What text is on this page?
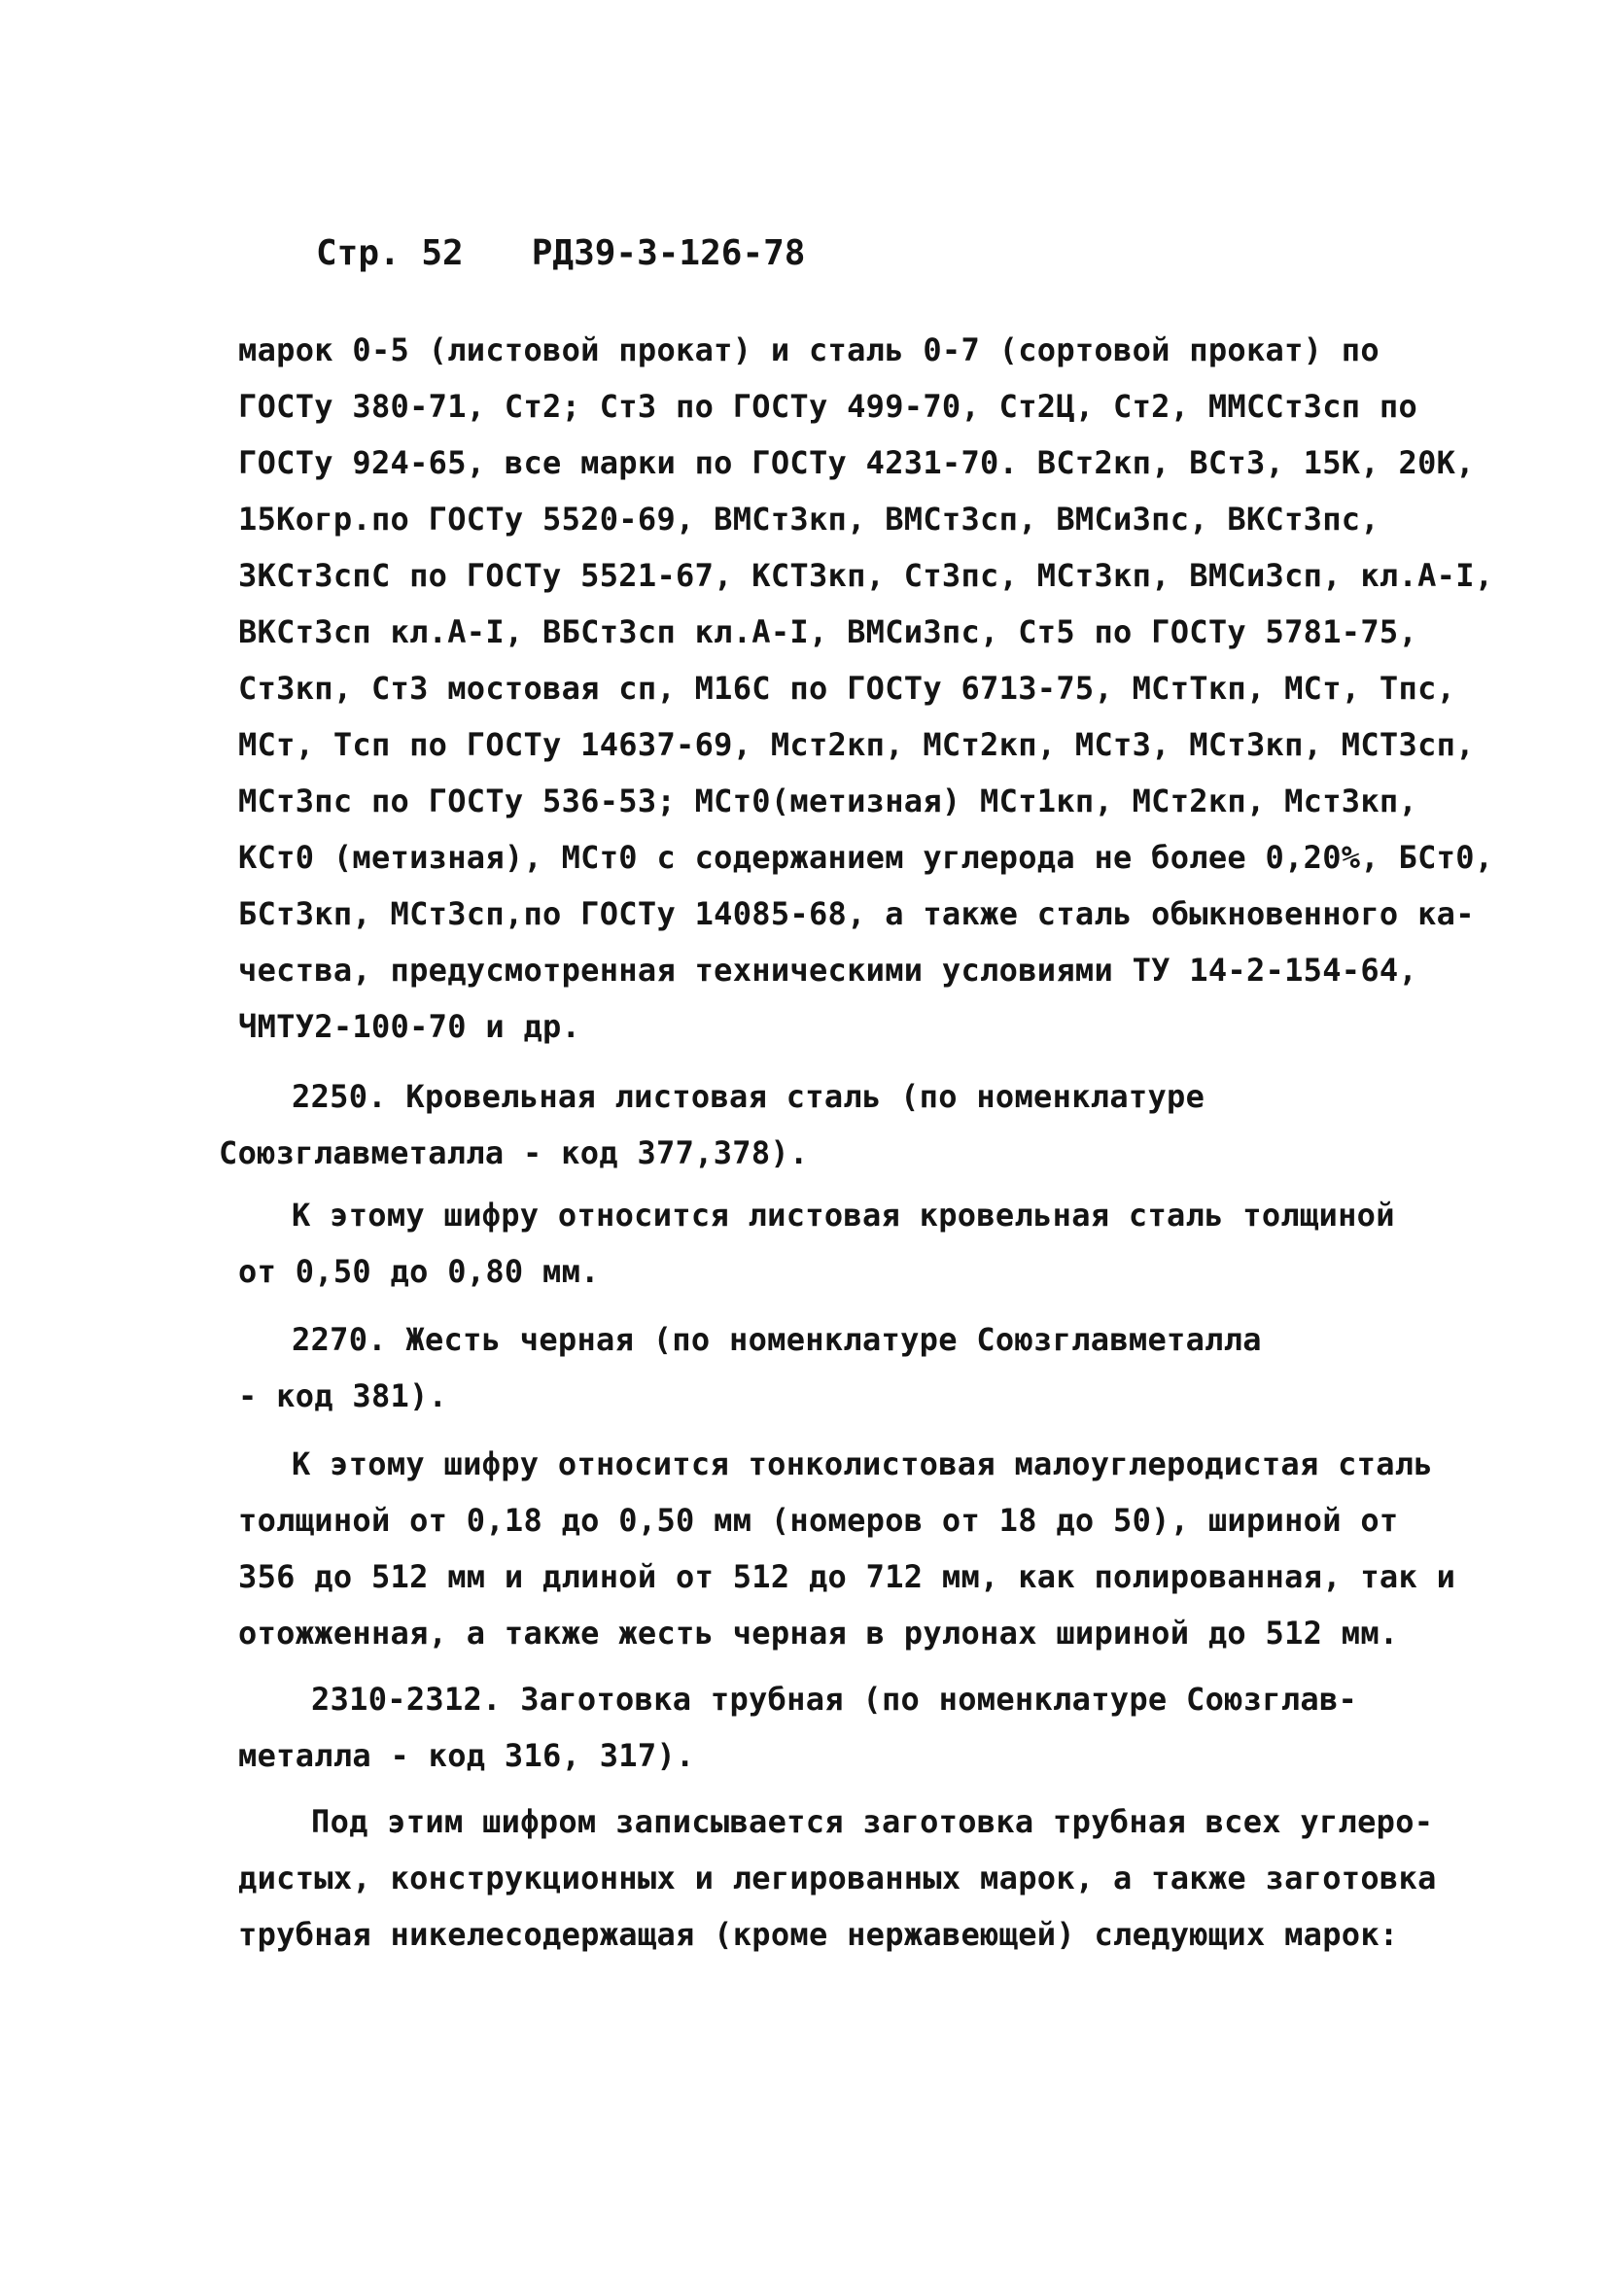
Стр. 52 РД39-3-126-78
марок 0-5 (листовой прокат) и сталь 0-7 (сортовой прокат) по
ГОСТу 380-71, Ст2; Ст3 по ГОСТу 499-70, Ст2Ц, Ст2, ММССт3сп по
ГОСТу 924-65, все марки по ГОСТу 4231-70. ВСт2кп, ВСт3, 15К, 20К,
15Когр.по ГОСТу 5520-69, ВМСт3кп, ВМСт3сп, ВМСи3пс, ВКСт3пс,
3КСт3спС по ГОСТу 5521-67, КСТ3кп, Ст3пс, МСт3кп, ВМСи3сп, кл.А-I,
ВКСт3сп кл.А-I, ВБСт3сп кл.А-I, ВМСи3пс, Ст5 по ГОСТу 5781-75,
Ст3кп, Ст3 мостовая сп, М16С по ГОСТу 6713-75, МСтТкп, МСт, Тпс,
МСт, Тсп по ГОСТу 14637-69, Мст2кп, МСт2кп, МСт3, МСт3кп, МСТ3сп,
МСт3пс по ГОСТу 536-53; МСт0(метизная) МСт1кп, МСт2кп, Мст3кп,
КСт0 (метизная), МСт0 с содержанием углерода не более 0,20%, БСт0,
БСт3кп, МСт3сп,по ГОСТу 14085-68, а также сталь обыкновенного ка-
чества, предусмотренная техническими условиями ТУ 14-2-154-64,
ЧМТУ2-100-70 и др.
2250. Кровельная листовая сталь (по номенклатуре
Союзглавметалла - код 377,378).
К этому шифру относится листовая кровельная сталь толщиной
от 0,50 до 0,80 мм.
2270. Жесть черная (по номенклатуре Союзглавметалла
- код 381).
К этому шифру относится тонколистовая малоуглеродистая сталь
толщиной от 0,18 до 0,50 мм (номеров от 18 до 50), шириной от
356 до 512 мм и длиной от 512 до 712 мм, как полированная, так и
отожженная, а также жесть черная в рулонах шириной до 512 мм.
2310-2312. Заготовка трубная (по номенклатуре Союзглав-
металла - код 316, 317).
Под этим шифром записывается заготовка трубная всех углеро-
дистых, конструкционных и легированных марок, а также заготовка
трубная никелесодержащая (кроме нержавеющей) следующих марок:
